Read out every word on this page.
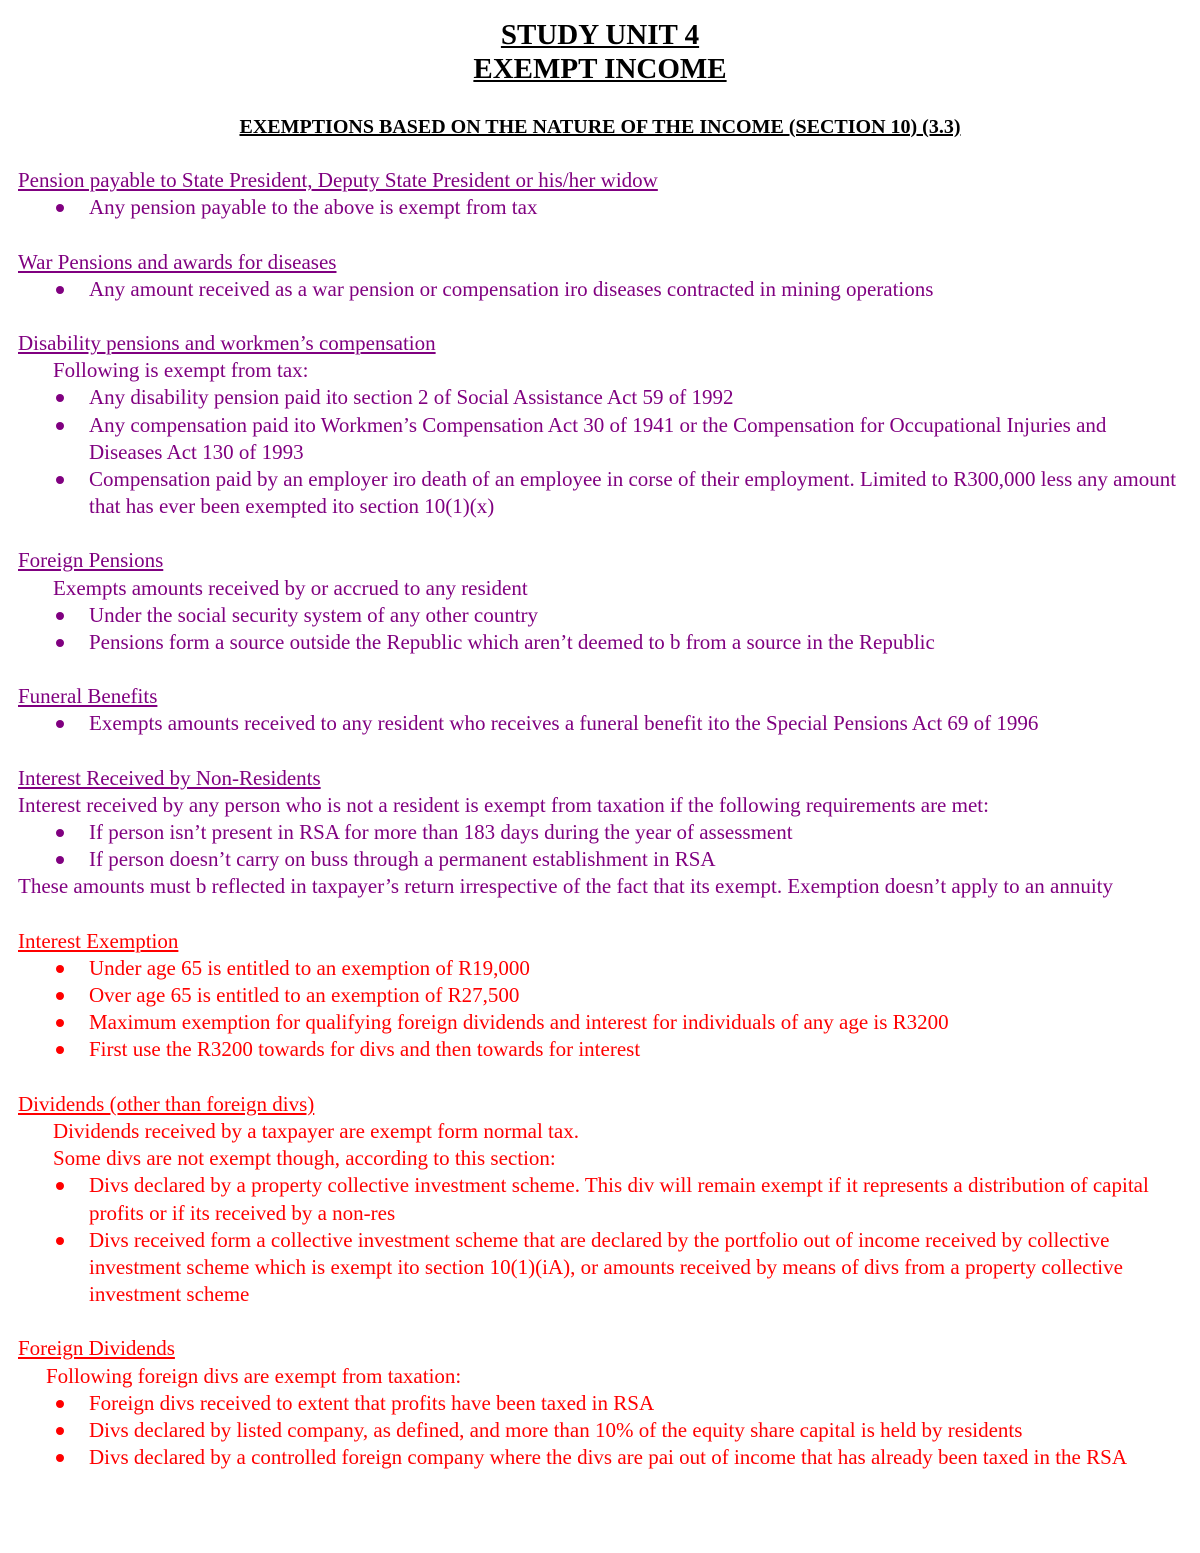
STUDY UNIT 4
EXEMPT INCOME
EXEMPTIONS BASED ON THE NATURE OF THE INCOME (SECTION 10) (3.3)
Pension payable to State President, Deputy State President or his/her widow
Any pension payable to the above is exempt from tax
War Pensions and awards for diseases
Any amount received as a war pension or compensation iro diseases contracted in mining operations
Disability pensions and workmen’s compensation
Following is exempt from tax:
Any disability pension paid ito section 2 of Social Assistance Act 59 of 1992
Any compensation paid ito Workmen’s Compensation Act 30 of 1941 or the Compensation for Occupational Injuries and Diseases Act 130 of 1993
Compensation paid by an employer iro death of an employee in corse of their employment. Limited to R300,000 less any amount that has ever been exempted ito section 10(1)(x)
Foreign Pensions
Exempts amounts received by or accrued to any resident
Under the social security system of any other country
Pensions form a source outside the Republic which aren’t deemed to b from a source in the Republic
Funeral Benefits
Exempts amounts received to any resident who receives a funeral benefit ito the Special Pensions Act 69 of 1996
Interest Received by Non-Residents
Interest received by any person who is not a resident is exempt from taxation if the following requirements are met:
If person isn’t present in RSA for more than 183 days during the year of assessment
If person doesn’t carry on buss through a permanent establishment in RSA
These amounts must b reflected in taxpayer’s return irrespective of the fact that its exempt. Exemption doesn’t apply to an annuity
Interest Exemption
Under age 65 is entitled to an exemption of R19,000
Over age 65 is entitled to an exemption of R27,500
Maximum exemption for qualifying foreign dividends and interest for individuals of any age is R3200
First use the R3200 towards for divs and then towards for interest
Dividends (other than foreign divs)
Dividends received by a taxpayer are exempt form normal tax.
Some divs are not exempt though, according to this section:
Divs declared by a property collective investment scheme. This div will remain exempt if it represents a distribution of capital profits or if its received by a non-res
Divs received form a collective investment scheme that are declared by the portfolio out of income received by collective investment scheme which is exempt ito section 10(1)(iA), or amounts received by means of divs from a property collective investment scheme
Foreign Dividends
Following foreign divs are exempt from taxation:
Foreign divs received to extent that profits have been taxed in RSA
Divs declared by listed company, as defined, and more than 10% of the equity share capital is held by residents
Divs declared by a controlled foreign company where the divs are pai out of income that has already been taxed in the RSA
